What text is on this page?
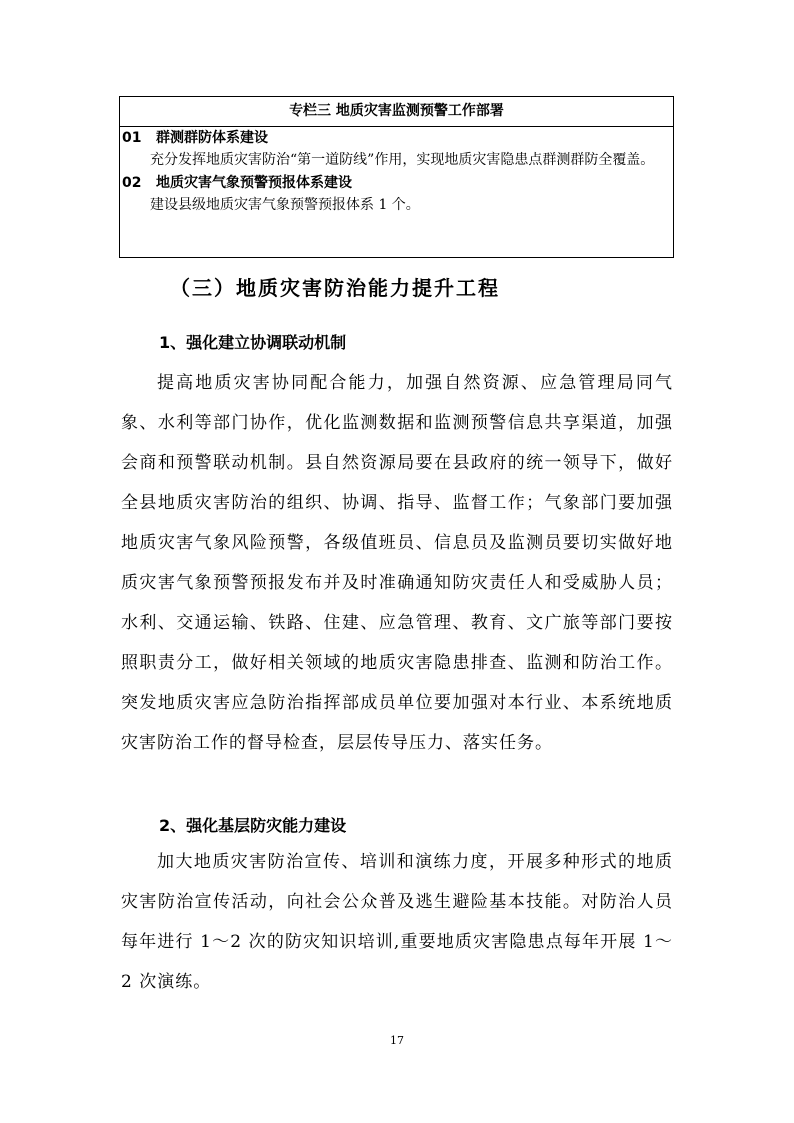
专栏三 地质灾害监测预警工作部署
01 群测群防体系建设
充分发挥地质灾害防治“第一道防线”作用，实现地质灾害隐患点群测群防全覆盖。
02 地质灾害气象预警预报体系建设
建设县级地质灾害气象预警预报体系 1 个。
（三）地质灾害防治能力提升工程
1、强化建立协调联动机制

提高地质灾害协同配合能力，加强自然资源、应急管理局同气象、水利等部门协作，优化监测数据和监测预警信息共享渠道，加强会商和预警联动机制。县自然资源局要在县政府的统一领导下，做好全县地质灾害防治的组织、协调、指导、监督工作；气象部门要加强地质灾害气象风险预警，各级值班员、信息员及监测员要切实做好地质灾害气象预警预报发布并及时准确通知防灾责任人和受威胁人员；水利、交通运输、铁路、住建、应急管理、教育、文广旅等部门要按照职责分工，做好相关领域的地质灾害隐患排查、监测和防治工作。突发地质灾害应急防治指挥部成员单位要加强对本行业、本系统地质灾害防治工作的督导检查，层层传导压力、落实任务。

2、强化基层防灾能力建设

加大地质灾害防治宣传、培训和演练力度，开展多种形式的地质灾害防治宣传活动，向社会公众普及逃生避险基本技能。对防治人员每年进行 1～2 次的防灾知识培训,重要地质灾害隐患点每年开展 1～2 次演练。

17
